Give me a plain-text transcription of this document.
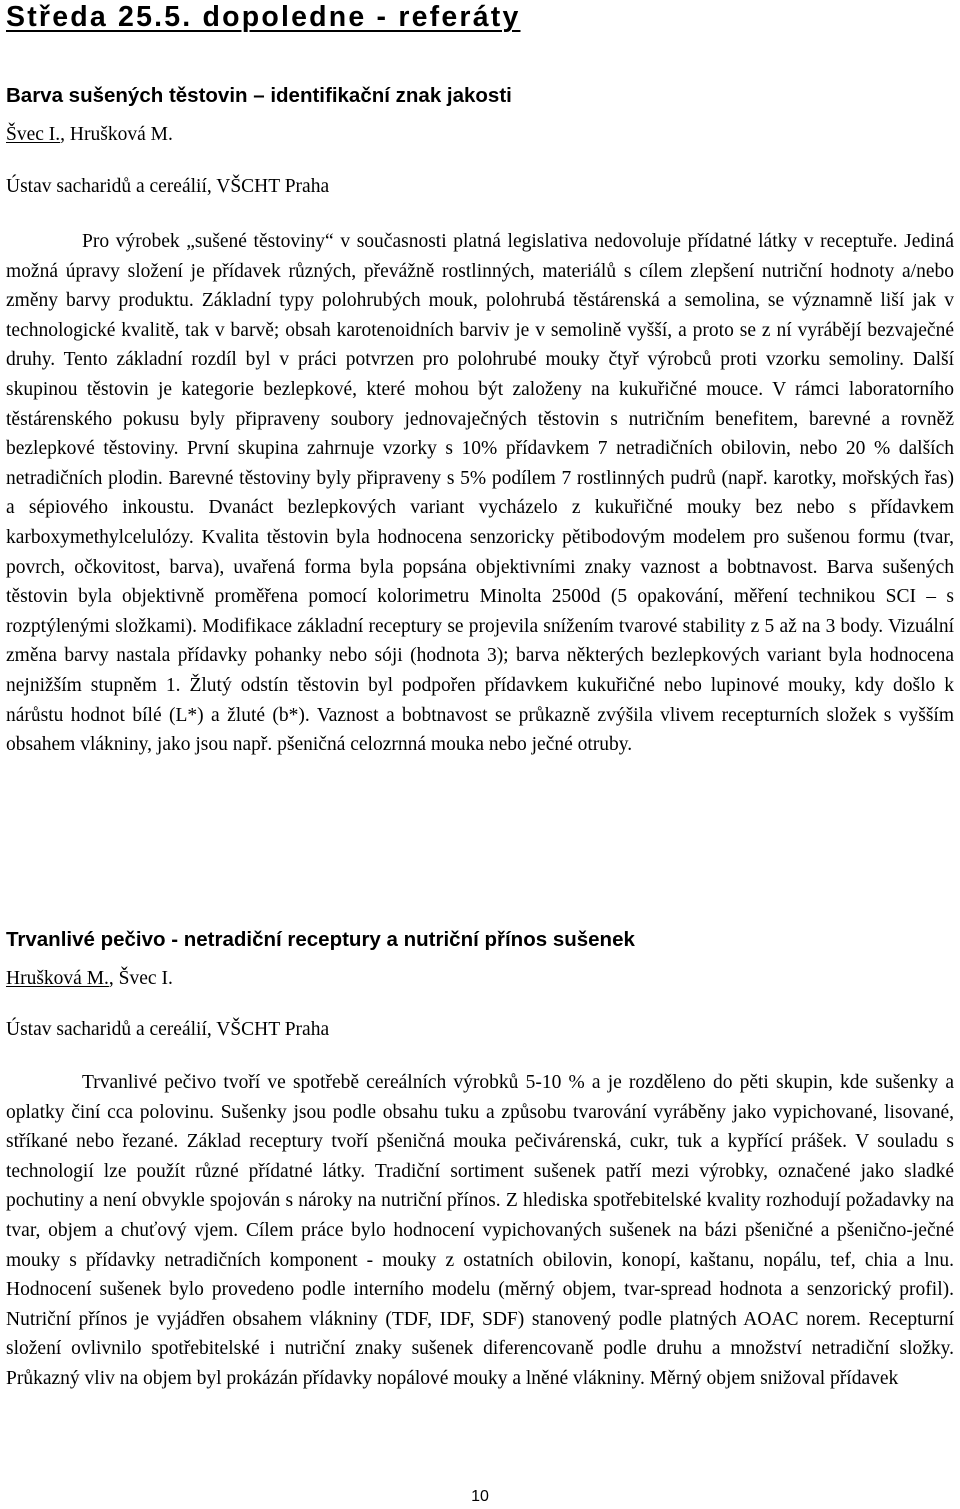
Středa 25.5. dopoledne - referáty
Barva sušených těstovin – identifikační znak jakosti

Švec I., Hrušková M.

Ústav sacharidů a cereálií, VŠCHT Praha

Pro výrobek „sušené těstoviny“ v současnosti platná legislativa nedovoluje přídatné látky v receptuře. Jediná možná úpravy složení je přídavek různých, převážně rostlinných, materiálů s cílem zlepšení nutriční hodnoty a/nebo změny barvy produktu. Základní typy polohrubých mouk, polohrubá těstárenská a semolina, se významně liší jak v technologické kvalitě, tak v barvě; obsah karotenoidních barviv je v semolině vyšší, a proto se z ní vyrábějí bezvaječné druhy. Tento základní rozdíl byl v práci potvrzen pro polohrubé mouky čtyř výrobců proti vzorku semoliny. Další skupinou těstovin je kategorie bezlepkové, které mohou být založeny na kukuřičné mouce. V rámci laboratorního těstárenského pokusu byly připraveny soubory jednovaječných těstovin s nutričním benefitem, barevné a rovněž bezlepkové těstoviny. První skupina zahrnuje vzorky s 10% přídavkem 7 netradičních obilovin, nebo 20 % dalších netradičních plodin. Barevné těstoviny byly připraveny s 5% podílem 7 rostlinných pudrů (např. karotky, mořských řas) a sépiového inkoustu. Dvanáct bezlepkových variant vycházelo z kukuřičné mouky bez nebo s přídavkem karboxymethylcelulózy. Kvalita těstovin byla hodnocena senzoricky pětibodovým modelem pro sušenou formu (tvar, povrch, očkovitost, barva), uvařená forma byla popsána objektivními znaky vaznost a bobtnavost. Barva sušených těstovin byla objektivně proměřena pomocí kolorimetru Minolta 2500d (5 opakování, měření technikou SCI – s rozptýlenými složkami). Modifikace základní receptury se projevila snížením tvarové stability z 5 až na 3 body. Vizuální změna barvy nastala přídavky pohanky nebo sóji (hodnota 3); barva některých bezlepkových variant byla hodnocena nejnižším stupněm 1. Žlutý odstín těstovin byl podpořen přídavkem kukuřičné nebo lupinové mouky, kdy došlo k nárůstu hodnot bílé (L*) a žluté (b*). Vaznost a bobtnavost se průkazně zvýšila vlivem recepturních složek s vyšším obsahem vlákniny, jako jsou např. pšeničná celozrnná mouka nebo ječné otruby.

Trvanlivé pečivo - netradiční receptury a nutriční přínos sušenek

Hrušková M., Švec I.

Ústav sacharidů a cereálií, VŠCHT Praha

Trvanlivé pečivo tvoří ve spotřebě cereálních výrobků 5-10 % a je rozděleno do pěti skupin, kde sušenky a oplatky činí cca polovinu. Sušenky jsou podle obsahu tuku a způsobu tvarování vyráběny jako vypichované, lisované, stříkané nebo řezané. Základ receptury tvoří pšeničná mouka pečivárenská, cukr, tuk a kypřící prášek. V souladu s technologií lze použít různé přídatné látky. Tradiční sortiment sušenek patří mezi výrobky, označené jako sladké pochutiny a není obvykle spojován s nároky na nutriční přínos. Z hlediska spotřebitelské kvality rozhodují požadavky na tvar, objem a chuťový vjem. Cílem práce bylo hodnocení vypichovaných sušenek na bázi pšeničné a pšenično-ječné mouky s přídavky netradičních komponent - mouky z ostatních obilovin, konopí, kaštanu, nopálu, tef, chia a lnu. Hodnocení sušenek bylo provedeno podle interního modelu (měrný objem, tvar-spread hodnota a senzorický profil). Nutriční přínos je vyjádřen obsahem vlákniny (TDF, IDF, SDF) stanovený podle platných AOAC norem. Recepturní složení ovlivnilo spotřebitelské i nutriční znaky sušenek diferencovaně podle druhu a množství netradiční složky. Průkazný vliv na objem byl prokázán přídavky nopálové mouky a lněné vlákniny. Měrný objem snižoval přídavek

10
